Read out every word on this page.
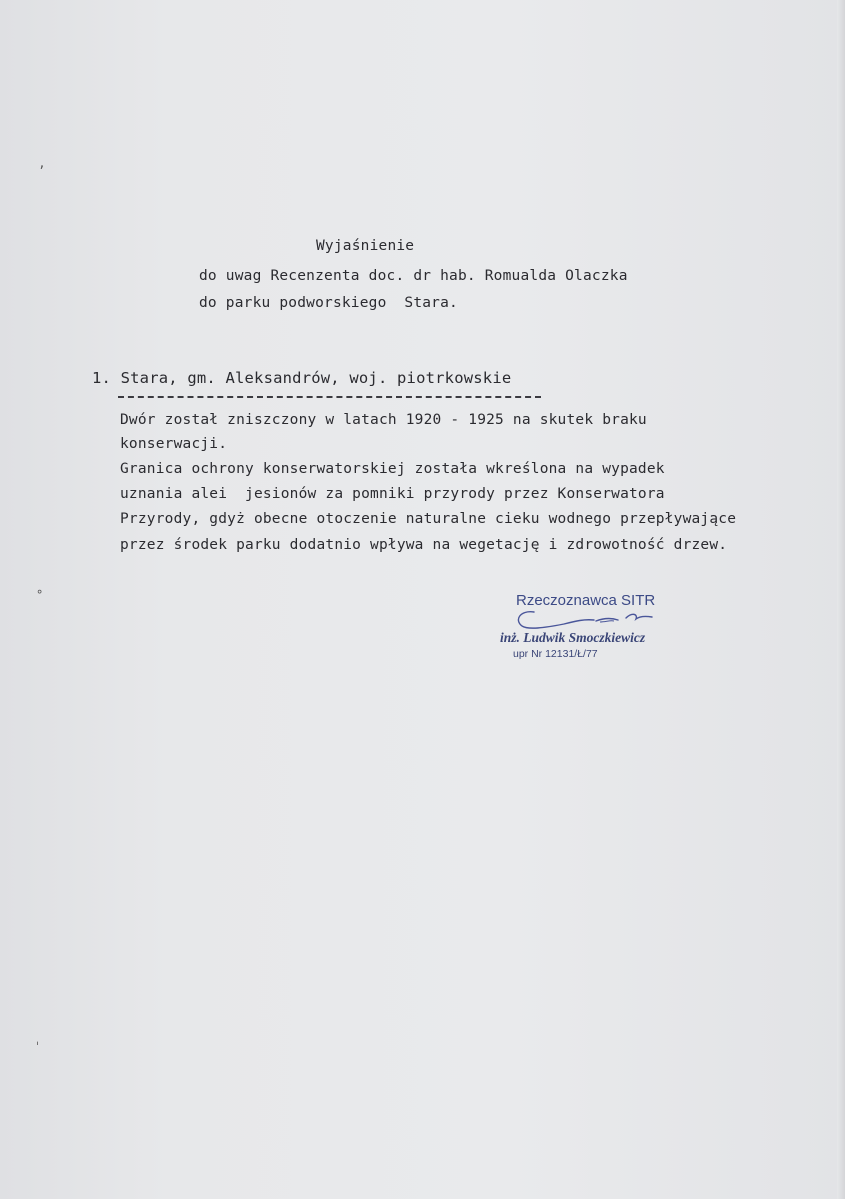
ʼ
°
ˈ
Wyjaśnienie
do uwag Recenzenta doc. dr hab. Romualda Olaczka
do parku podworskiego  Stara.
1. Stara, gm. Aleksandrów, woj. piotrkowskie
Dwór został zniszczony w latach 1920 - 1925 na skutek braku
konserwacji.
Granica ochrony konserwatorskiej została wkreślona na wypadek
uznania alei  jesionów za pomniki przyrody przez Konserwatora
Przyrody, gdyż obecne otoczenie naturalne cieku wodnego przepływające
przez środek parku dodatnio wpływa na wegetację i zdrowotność drzew.
Rzeczoznawca SITR
inż. Ludwik Smoczkiewicz
upr Nr 12131/Ł/77
